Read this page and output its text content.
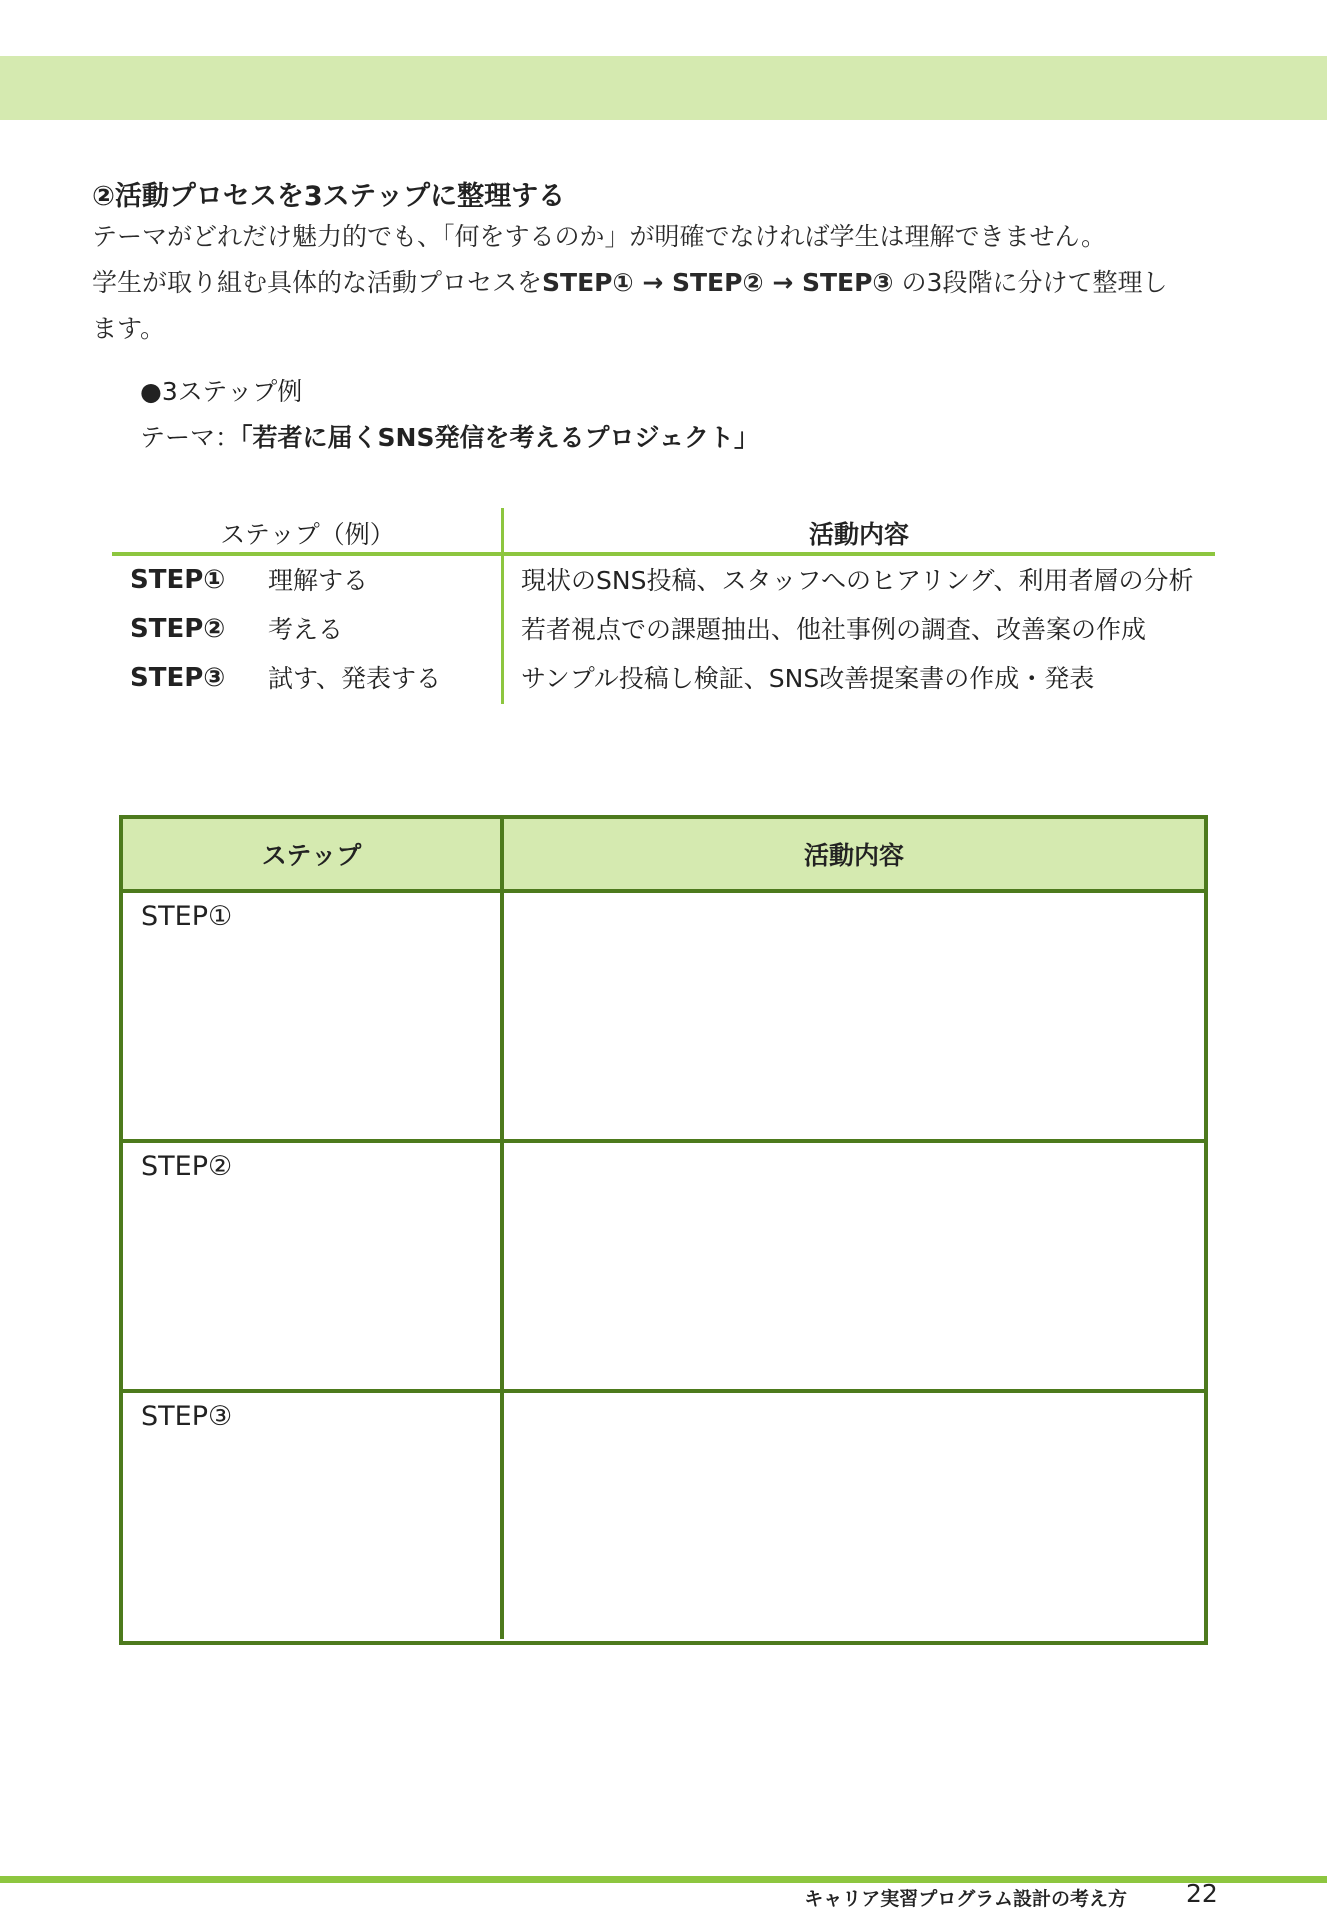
②活動プロセスを3ステップに整理する
テーマがどれだけ魅力的でも、「何をするのか」が明確でなければ学生は理解できません。
学生が取り組む具体的な活動プロセスをSTEP① → STEP② → STEP③ の3段階に分けて整理し
ます。
●3ステップ例
テーマ：「若者に届くSNS発信を考えるプロジェクト」
ステップ（例）	活動内容
STEP①	理解する	現状のSNS投稿、スタッフへのヒアリング、利用者層の分析
STEP②	考える	若者視点での課題抽出、他社事例の調査、改善案の作成
STEP③	試す、発表する	サンプル投稿し検証、SNS改善提案書の作成・発表
ステップ	活動内容
STEP①
STEP②
STEP③
キャリア実習プログラム設計の考え方 22
